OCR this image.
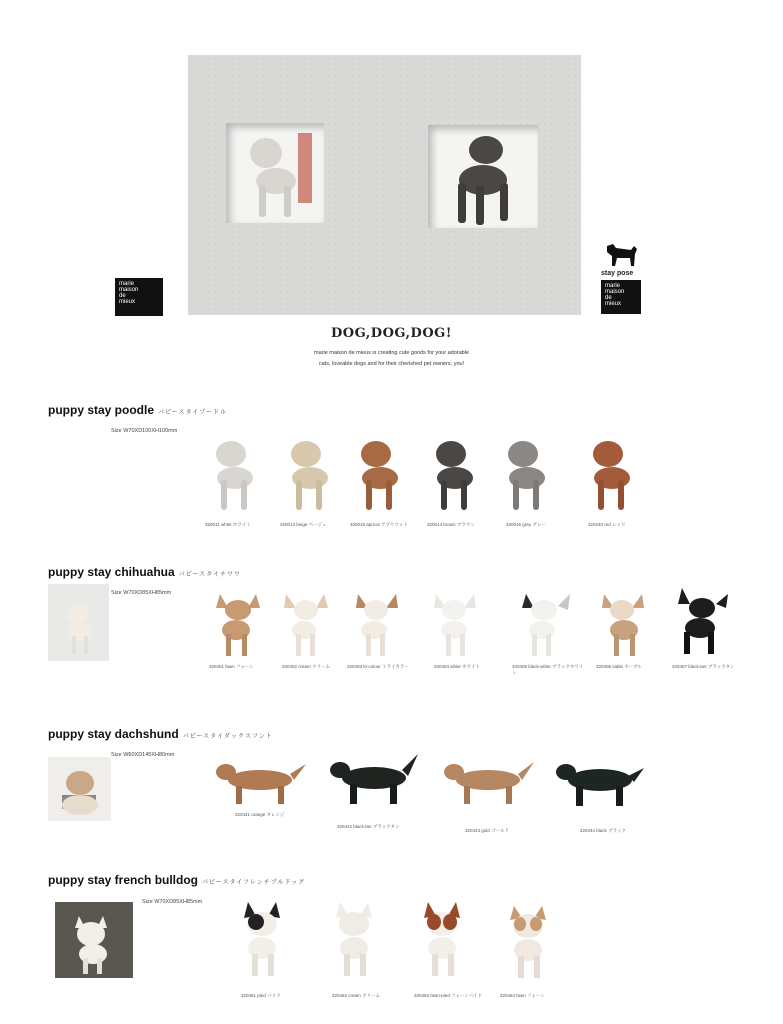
marie
maison
de
mieux
stay pose
marie
maison
de
mieux
DOG,DOG,DOG!
marie maison de mieux is creating cute goods for your adorable
cats, loveable dogs and for their cherished pet owners, you!
puppy stay poodle パピースタイプードル
Size W70XD100XH100mm
320011 white ホワイト	320013 beige ベージュ	320015 apricot アプリコット	320014 brown ブラウン	320016 grey グレー	320240 red レッド
puppy stay chihuahua パピースタイチワワ
Size W70XD85XH85mm
320401 fawn フォーン	320402 cream クリーム	320403 tri-colour トライカラー	320404 white ホワイト	320405 black-white ブラックホワイト
320406 sable セーブル	320407 black-tan ブラックタン
puppy stay dachshund パピースタイダックスフント
Size W60XD145XH80mm
320441 orange オレンジ
320442 black-tan ブラックタン
320443 gold ゴールド	320444 black ブラック
puppy stay french bulldog パピースタイフレンチブルドッグ
Size W70XD85XH85mm
320461 pied パイド	320462 cream クリーム	320463 fawn-pied フォーンパイド	320464 fawn フォーン
